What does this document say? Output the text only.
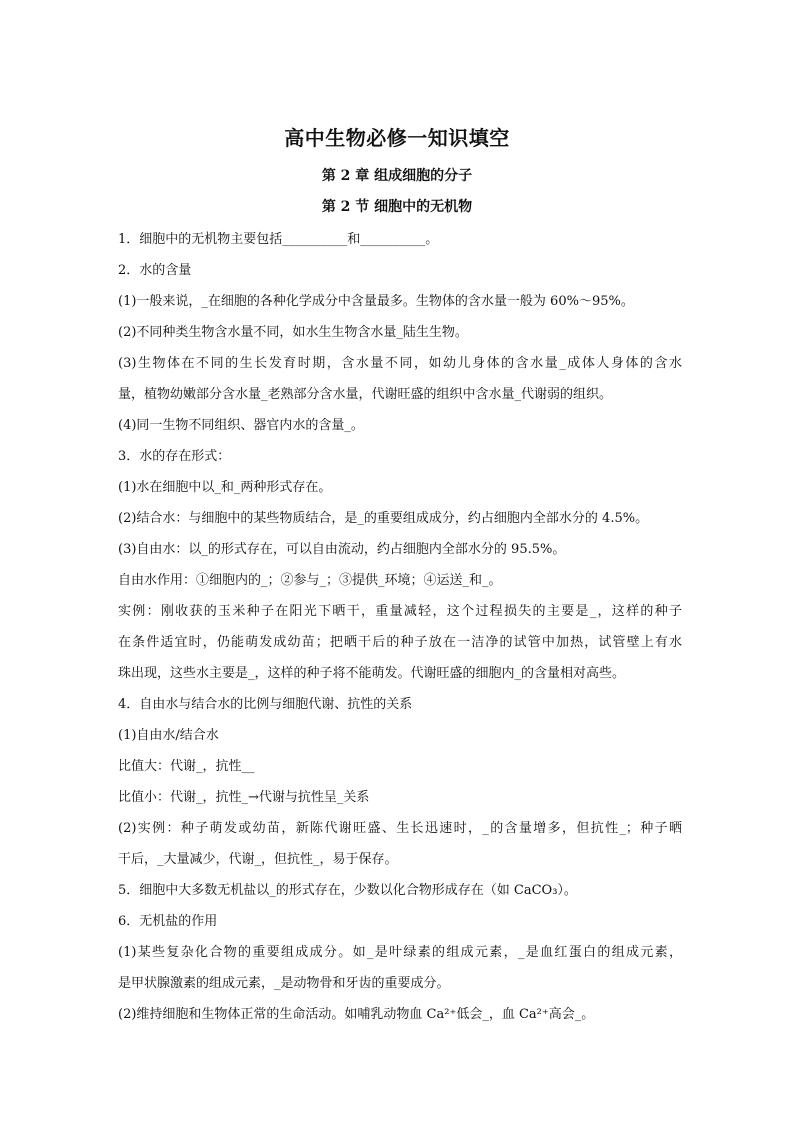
高中生物必修一知识填空
第 2 章 组成细胞的分子
第 2 节 细胞中的无机物
1．细胞中的无机物主要包括__________和__________。
2．水的含量
(1)一般来说，_在细胞的各种化学成分中含量最多。生物体的含水量一般为 60%～95%。
(2)不同种类生物含水量不同，如水生生物含水量_陆生生物。
(3)生物体在不同的生长发育时期，含水量不同，如幼儿身体的含水量_成体人身体的含水
量，植物幼嫩部分含水量_老熟部分含水量，代谢旺盛的组织中含水量_代谢弱的组织。
(4)同一生物不同组织、器官内水的含量_。
3．水的存在形式：
(1)水在细胞中以_和_两种形式存在。
(2)结合水：与细胞中的某些物质结合，是_的重要组成成分，约占细胞内全部水分的 4.5%。
(3)自由水：以_的形式存在，可以自由流动，约占细胞内全部水分的 95.5%。
自由水作用：①细胞内的_；②参与_；③提供_环境；④运送_和_。
实例：刚收获的玉米种子在阳光下晒干，重量减轻，这个过程损失的主要是_，这样的种子
在条件适宜时，仍能萌发成幼苗；把晒干后的种子放在一洁净的试管中加热，试管壁上有水
珠出现，这些水主要是_，这样的种子将不能萌发。代谢旺盛的细胞内_的含量相对高些。
4．自由水与结合水的比例与细胞代谢、抗性的关系
(1)自由水/结合水
比值大：代谢_，抗性__
比值小：代谢_，抗性_→代谢与抗性呈_关系
(2)实例：种子萌发或幼苗，新陈代谢旺盛、生长迅速时，_的含量增多，但抗性_；种子晒
干后，_大量减少，代谢_，但抗性_，易于保存。
5．细胞中大多数无机盐以_的形式存在，少数以化合物形成存在（如 CaCO₃）。
6．无机盐的作用
(1)某些复杂化合物的重要组成成分。如_是叶绿素的组成元素，_是血红蛋白的组成元素，
是甲状腺激素的组成元素，_是动物骨和牙齿的重要成分。
(2)维持细胞和生物体正常的生命活动。如哺乳动物血 Ca²⁺低会_，血 Ca²⁺高会_。
